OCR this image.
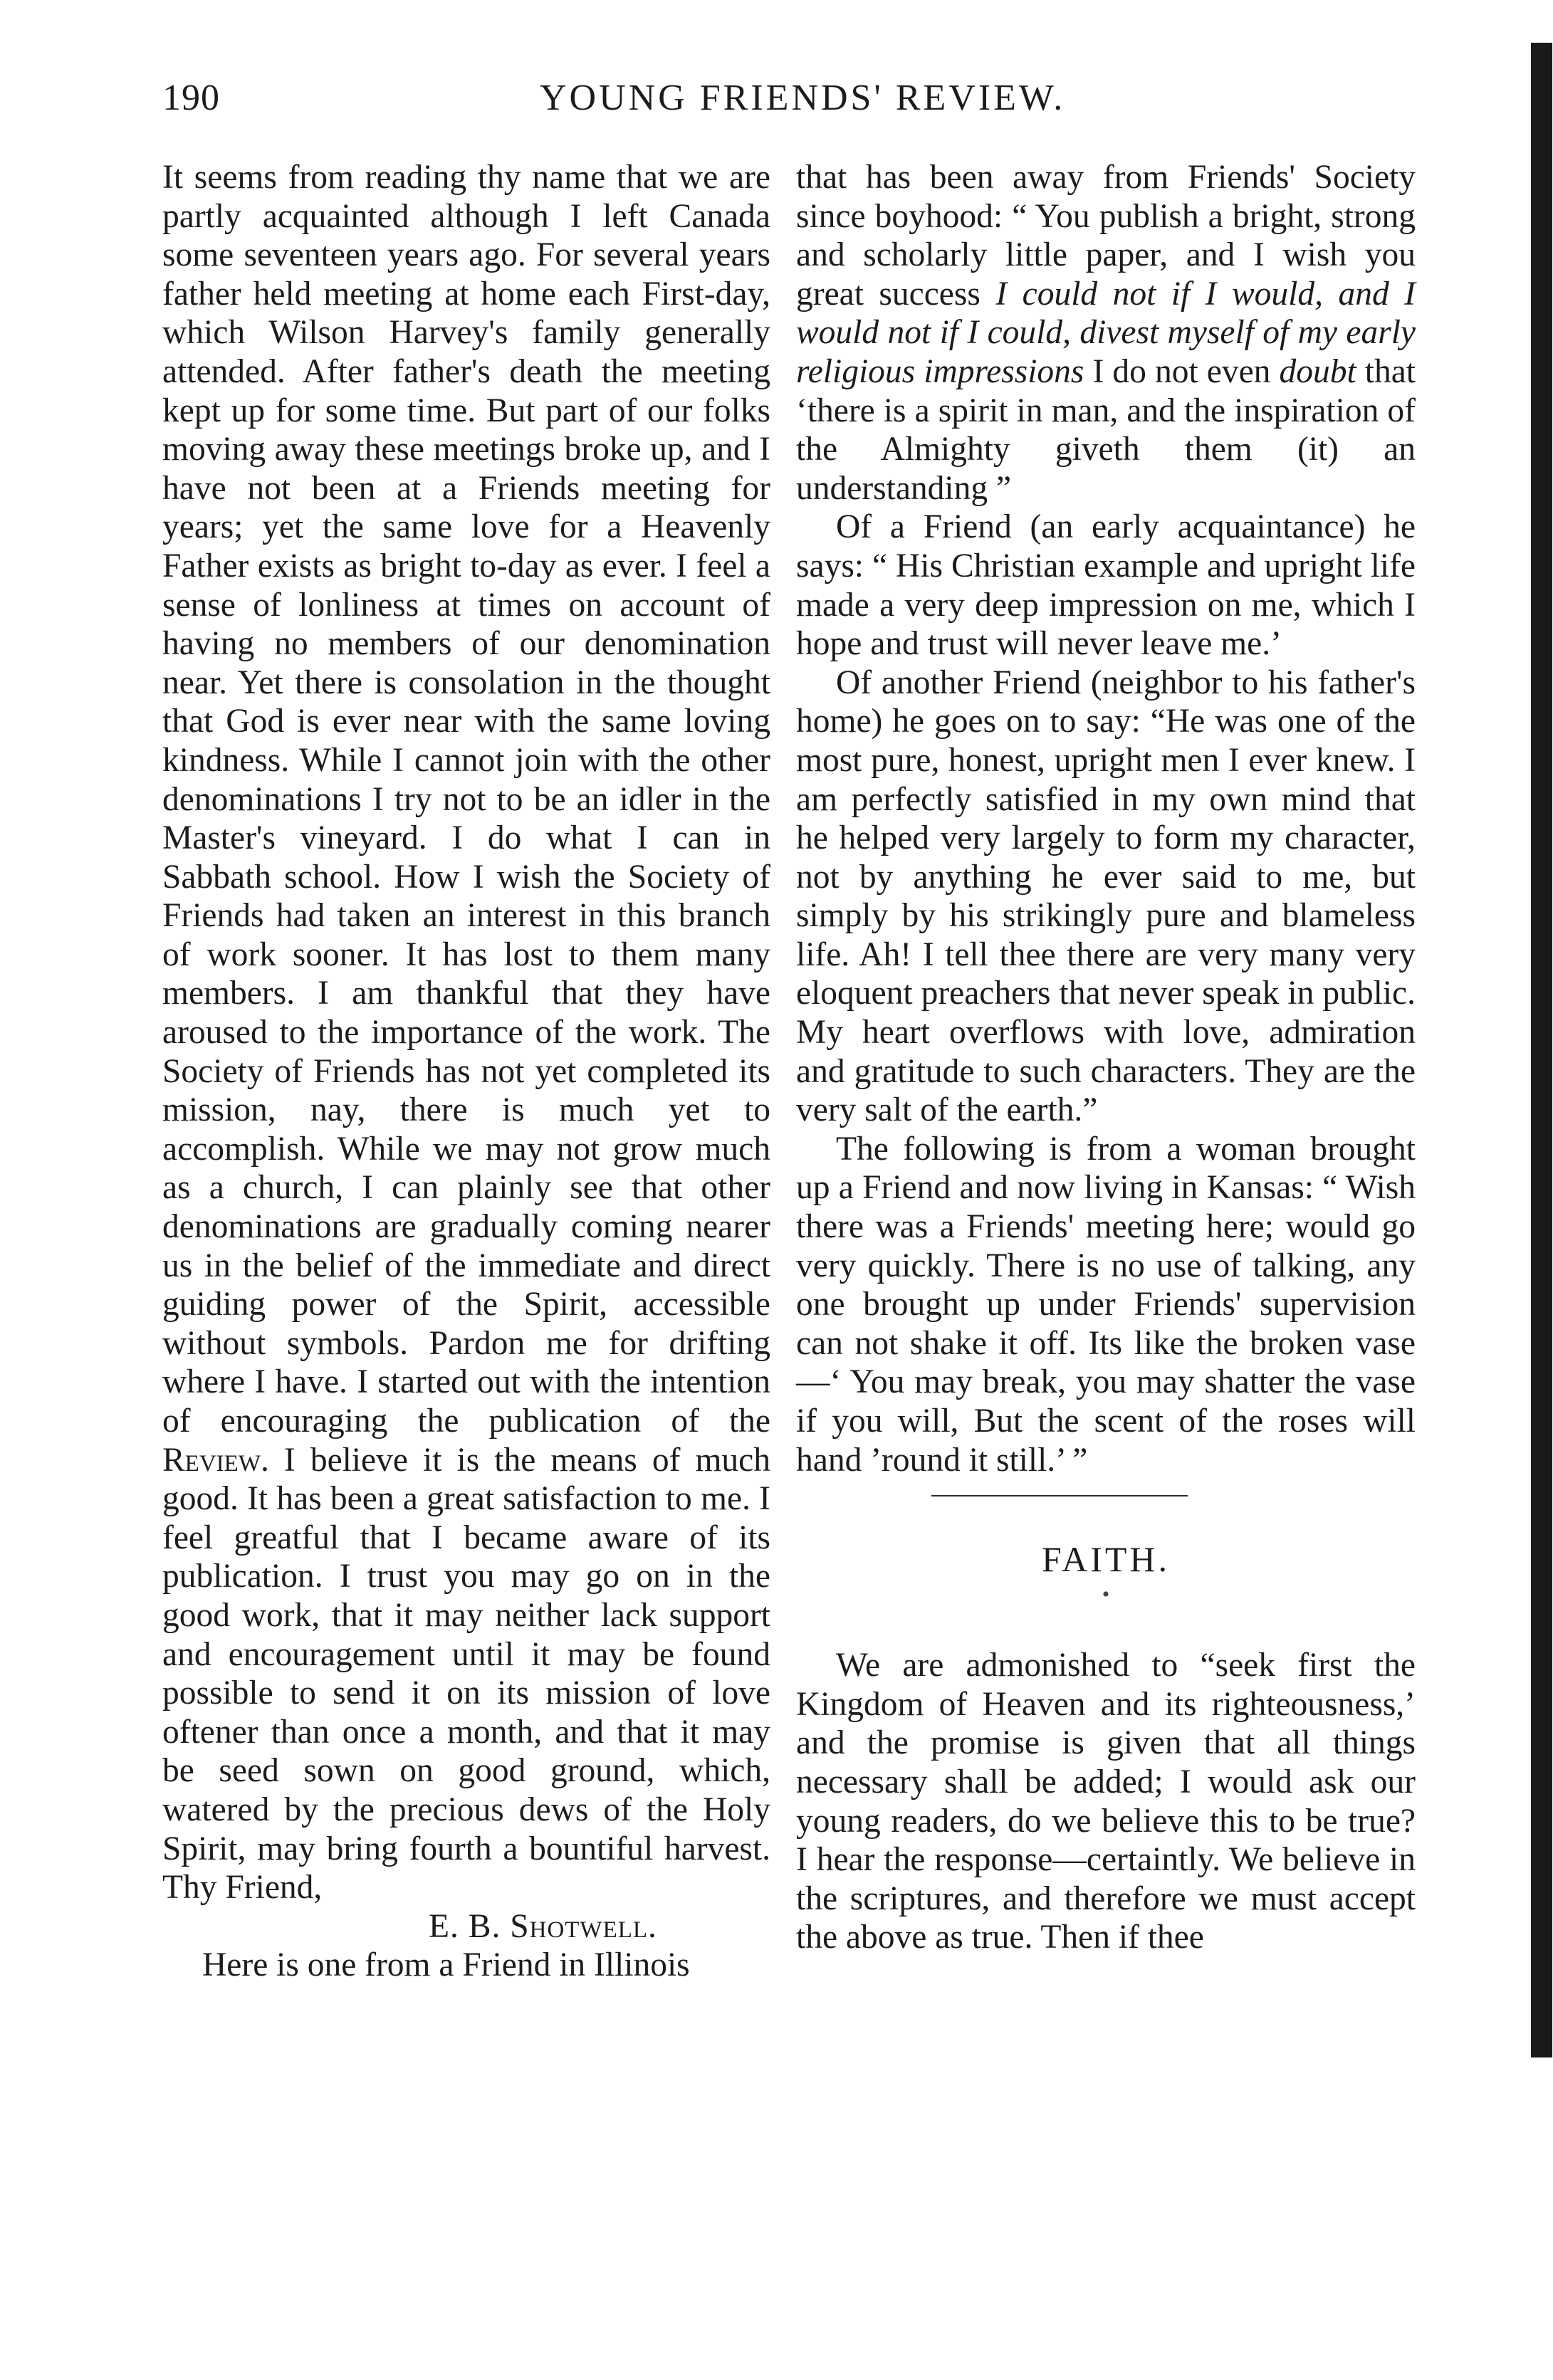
190	YOUNG FRIENDS' REVIEW.

It seems from reading thy name that we are partly acquainted although I left Canada some seventeen years ago. For several years father held meeting at home each First-day, which Wilson Harvey's family generally attended. After father's death the meeting kept up for some time. But part of our folks moving away these meetings broke up, and I have not been at a Friends meeting for years; yet the same love for a Heavenly Father exists as bright to-day as ever. I feel a sense of lonliness at times on account of having no members of our denomination near. Yet there is consolation in the thought that God is ever near with the same loving kindness. While I cannot join with the other denominations I try not to be an idler in the Master's vineyard. I do what I can in Sabbath school. How I wish the Society of Friends had taken an interest in this branch of work sooner. It has lost to them many members. I am thankful that they have aroused to the importance of the work. The Society of Friends has not yet completed its mission, nay, there is much yet to accomplish. While we may not grow much as a church, I can plainly see that other denominations are gradually coming nearer us in the belief of the immediate and direct guiding power of the Spirit, accessible without symbols. Pardon me for drifting where I have. I started out with the intention of encouraging the publication of the Review. I believe it is the means of much good. It has been a great satisfaction to me. I feel greatful that I became aware of its publication. I trust you may go on in the good work, that it may neither lack support and encouragement until it may be found possible to send it on its mission of love oftener than once a month, and that it may be seed sown on good ground, which, watered by the precious dews of the Holy Spirit, may bring fourth a bountiful harvest. Thy Friend,

E. B. Shotwell.

Here is one from a Friend in Illinois

that has been away from Friends' Society since boyhood: “ You publish a bright, strong and scholarly little paper, and I wish you great success I could not if I would, and I would not if I could, divest myself of my early religious impressions I do not even doubt that ‘there is a spirit in man, and the inspiration of the Almighty giveth them (it) an understanding ”

Of a Friend (an early acquaintance) he says: “ His Christian example and upright life made a very deep impression on me, which I hope and trust will never leave me.’

Of another Friend (neighbor to his father's home) he goes on to say: “He was one of the most pure, honest, upright men I ever knew. I am perfectly satisfied in my own mind that he helped very largely to form my character, not by anything he ever said to me, but simply by his strikingly pure and blameless life. Ah! I tell thee there are very many very eloquent preachers that never speak in public. My heart overflows with love, admiration and gratitude to such characters. They are the very salt of the earth.”

The following is from a woman brought up a Friend and now living in Kansas: “ Wish there was a Friends' meeting here; would go very quickly. There is no use of talking, any one brought up under Friends' supervision can not shake it off. Its like the broken vase—‘ You may break, you may shatter the vase if you will, But the scent of the roses will hand ’round it still.’ ”

FAITH.
•

We are admonished to “seek first the Kingdom of Heaven and its righteousness,’ and the promise is given that all things necessary shall be added; I would ask our young readers, do we believe this to be true? I hear the response—certaintly. We believe in the scriptures, and therefore we must accept the above as true. Then if thee
